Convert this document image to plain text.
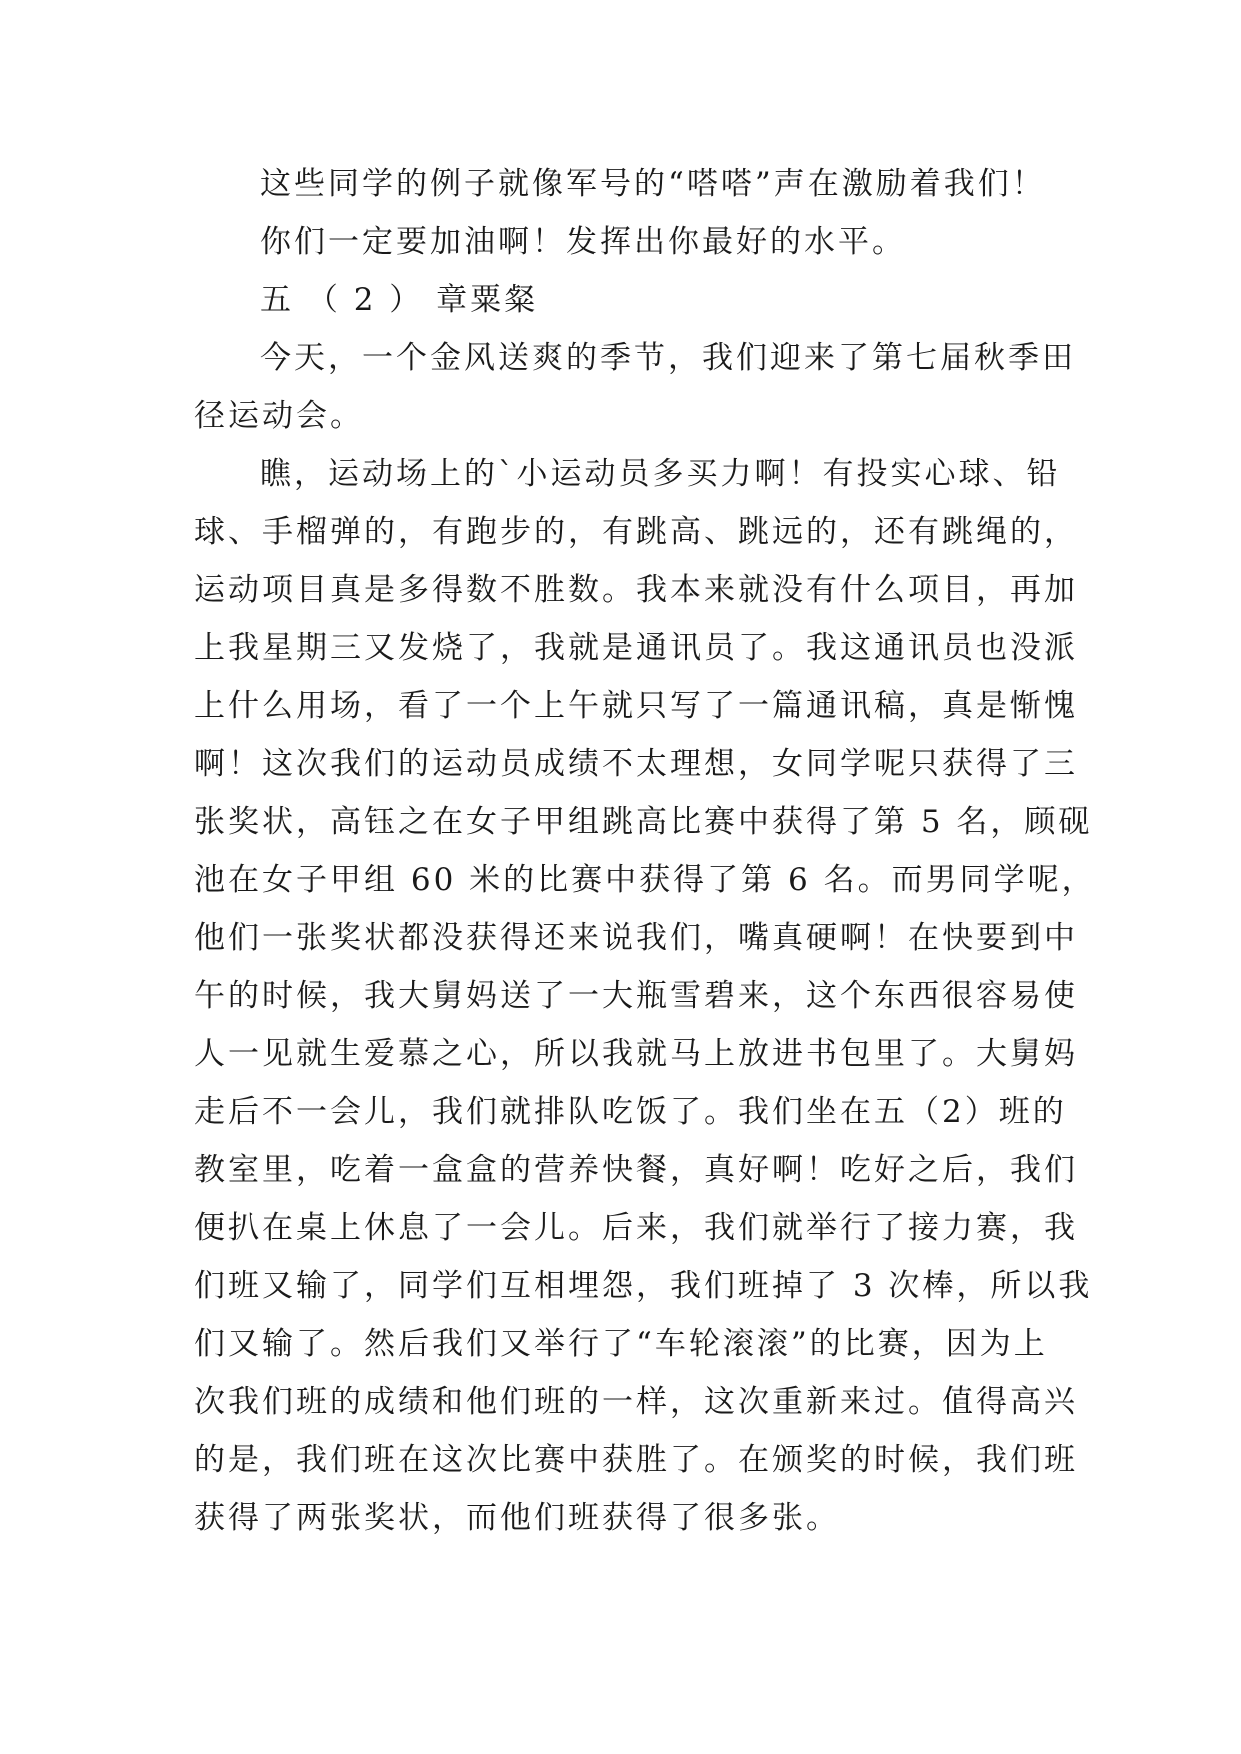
这些同学的例子就像军号的“嗒嗒”声在激励着我们！
你们一定要加油啊！发挥出你最好的水平。
五 （ 2 ） 章粟粲
今天，一个金风送爽的季节，我们迎来了第七届秋季田
径运动会。
瞧，运动场上的`小运动员多买力啊！有投实心球、铅
球、手榴弹的，有跑步的，有跳高、跳远的，还有跳绳的，
运动项目真是多得数不胜数。我本来就没有什么项目，再加
上我星期三又发烧了，我就是通讯员了。我这通讯员也没派
上什么用场，看了一个上午就只写了一篇通讯稿，真是惭愧
啊！这次我们的运动员成绩不太理想，女同学呢只获得了三
张奖状，高钰之在女子甲组跳高比赛中获得了第 5 名，顾砚
池在女子甲组 60 米的比赛中获得了第 6 名。而男同学呢，
他们一张奖状都没获得还来说我们，嘴真硬啊！在快要到中
午的时候，我大舅妈送了一大瓶雪碧来，这个东西很容易使
人一见就生爱慕之心，所以我就马上放进书包里了。大舅妈
走后不一会儿，我们就排队吃饭了。我们坐在五（2）班的
教室里，吃着一盒盒的营养快餐，真好啊！吃好之后，我们
便扒在桌上休息了一会儿。后来，我们就举行了接力赛，我
们班又输了，同学们互相埋怨，我们班掉了 3 次棒，所以我
们又输了。然后我们又举行了“车轮滚滚”的比赛，因为上
次我们班的成绩和他们班的一样，这次重新来过。值得高兴
的是，我们班在这次比赛中获胜了。在颁奖的时候，我们班
获得了两张奖状，而他们班获得了很多张。
